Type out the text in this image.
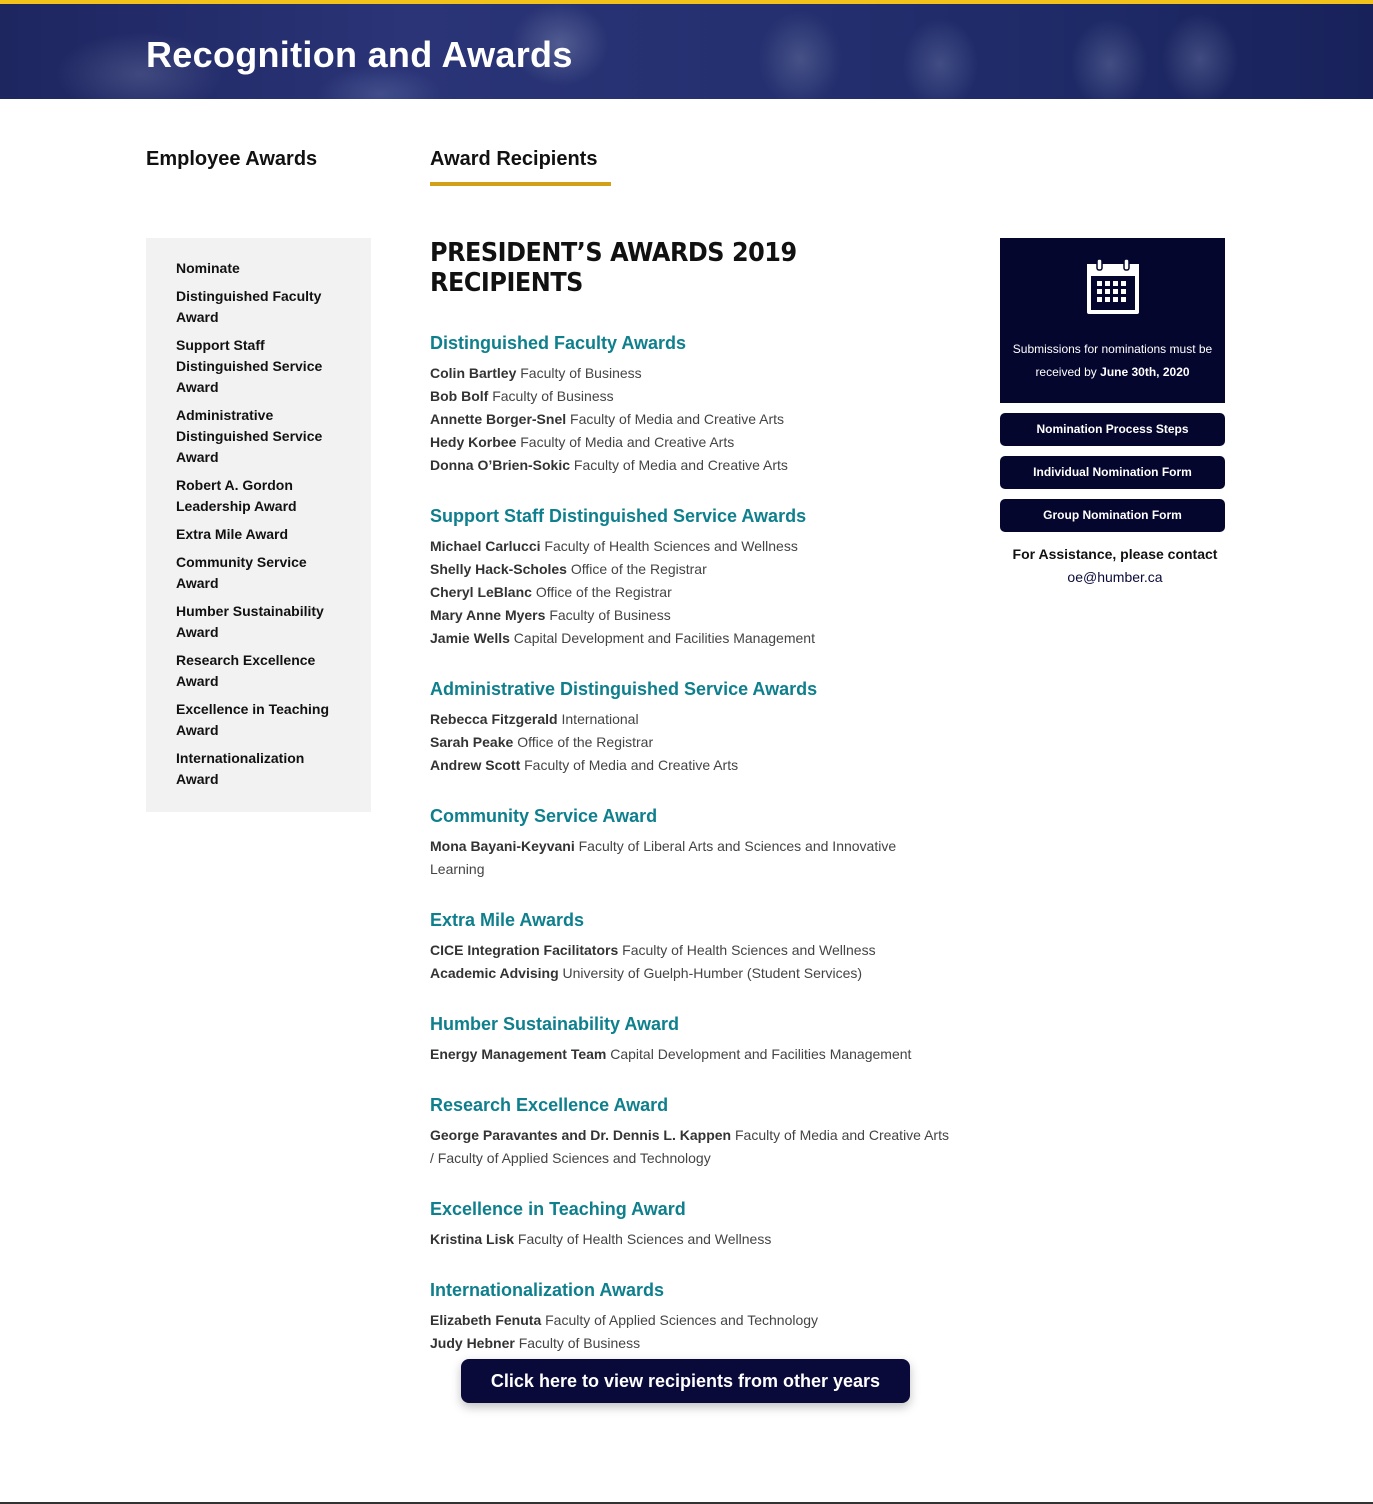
Recognition and Awards
Employee Awards	Award Recipients
Nominate
Distinguished Faculty Award
Support Staff Distinguished Service Award
Administrative Distinguished Service Award
Robert A. Gordon Leadership Award
Extra Mile Award
Community Service Award
Humber Sustainability Award
Research Excellence Award
Excellence in Teaching Award
Internationalization Award
PRESIDENT’S AWARDS 2019 RECIPIENTS
Distinguished Faculty Awards
Colin Bartley Faculty of Business
Bob Bolf Faculty of Business
Annette Borger-Snel Faculty of Media and Creative Arts
Hedy Korbee Faculty of Media and Creative Arts
Donna O’Brien-Sokic Faculty of Media and Creative Arts
Support Staff Distinguished Service Awards
Michael Carlucci Faculty of Health Sciences and Wellness
Shelly Hack-Scholes Office of the Registrar
Cheryl LeBlanc Office of the Registrar
Mary Anne Myers Faculty of Business
Jamie Wells Capital Development and Facilities Management
Administrative Distinguished Service Awards
Rebecca Fitzgerald International
Sarah Peake Office of the Registrar
Andrew Scott Faculty of Media and Creative Arts
Community Service Award
Mona Bayani-Keyvani Faculty of Liberal Arts and Sciences and Innovative Learning
Extra Mile Awards
CICE Integration Facilitators Faculty of Health Sciences and Wellness
Academic Advising University of Guelph-Humber (Student Services)
Humber Sustainability Award
Energy Management Team Capital Development and Facilities Management
Research Excellence Award
George Paravantes and Dr. Dennis L. Kappen Faculty of Media and Creative Arts / Faculty of Applied Sciences and Technology
Excellence in Teaching Award
Kristina Lisk Faculty of Health Sciences and Wellness
Internationalization Awards
Elizabeth Fenuta Faculty of Applied Sciences and Technology
Judy Hebner Faculty of Business
Click here to view recipients from other years
Submissions for nominations must be received by June 30th, 2020
Nomination Process Steps
Individual Nomination Form
Group Nomination Form
For Assistance, please contact
oe@humber.ca
